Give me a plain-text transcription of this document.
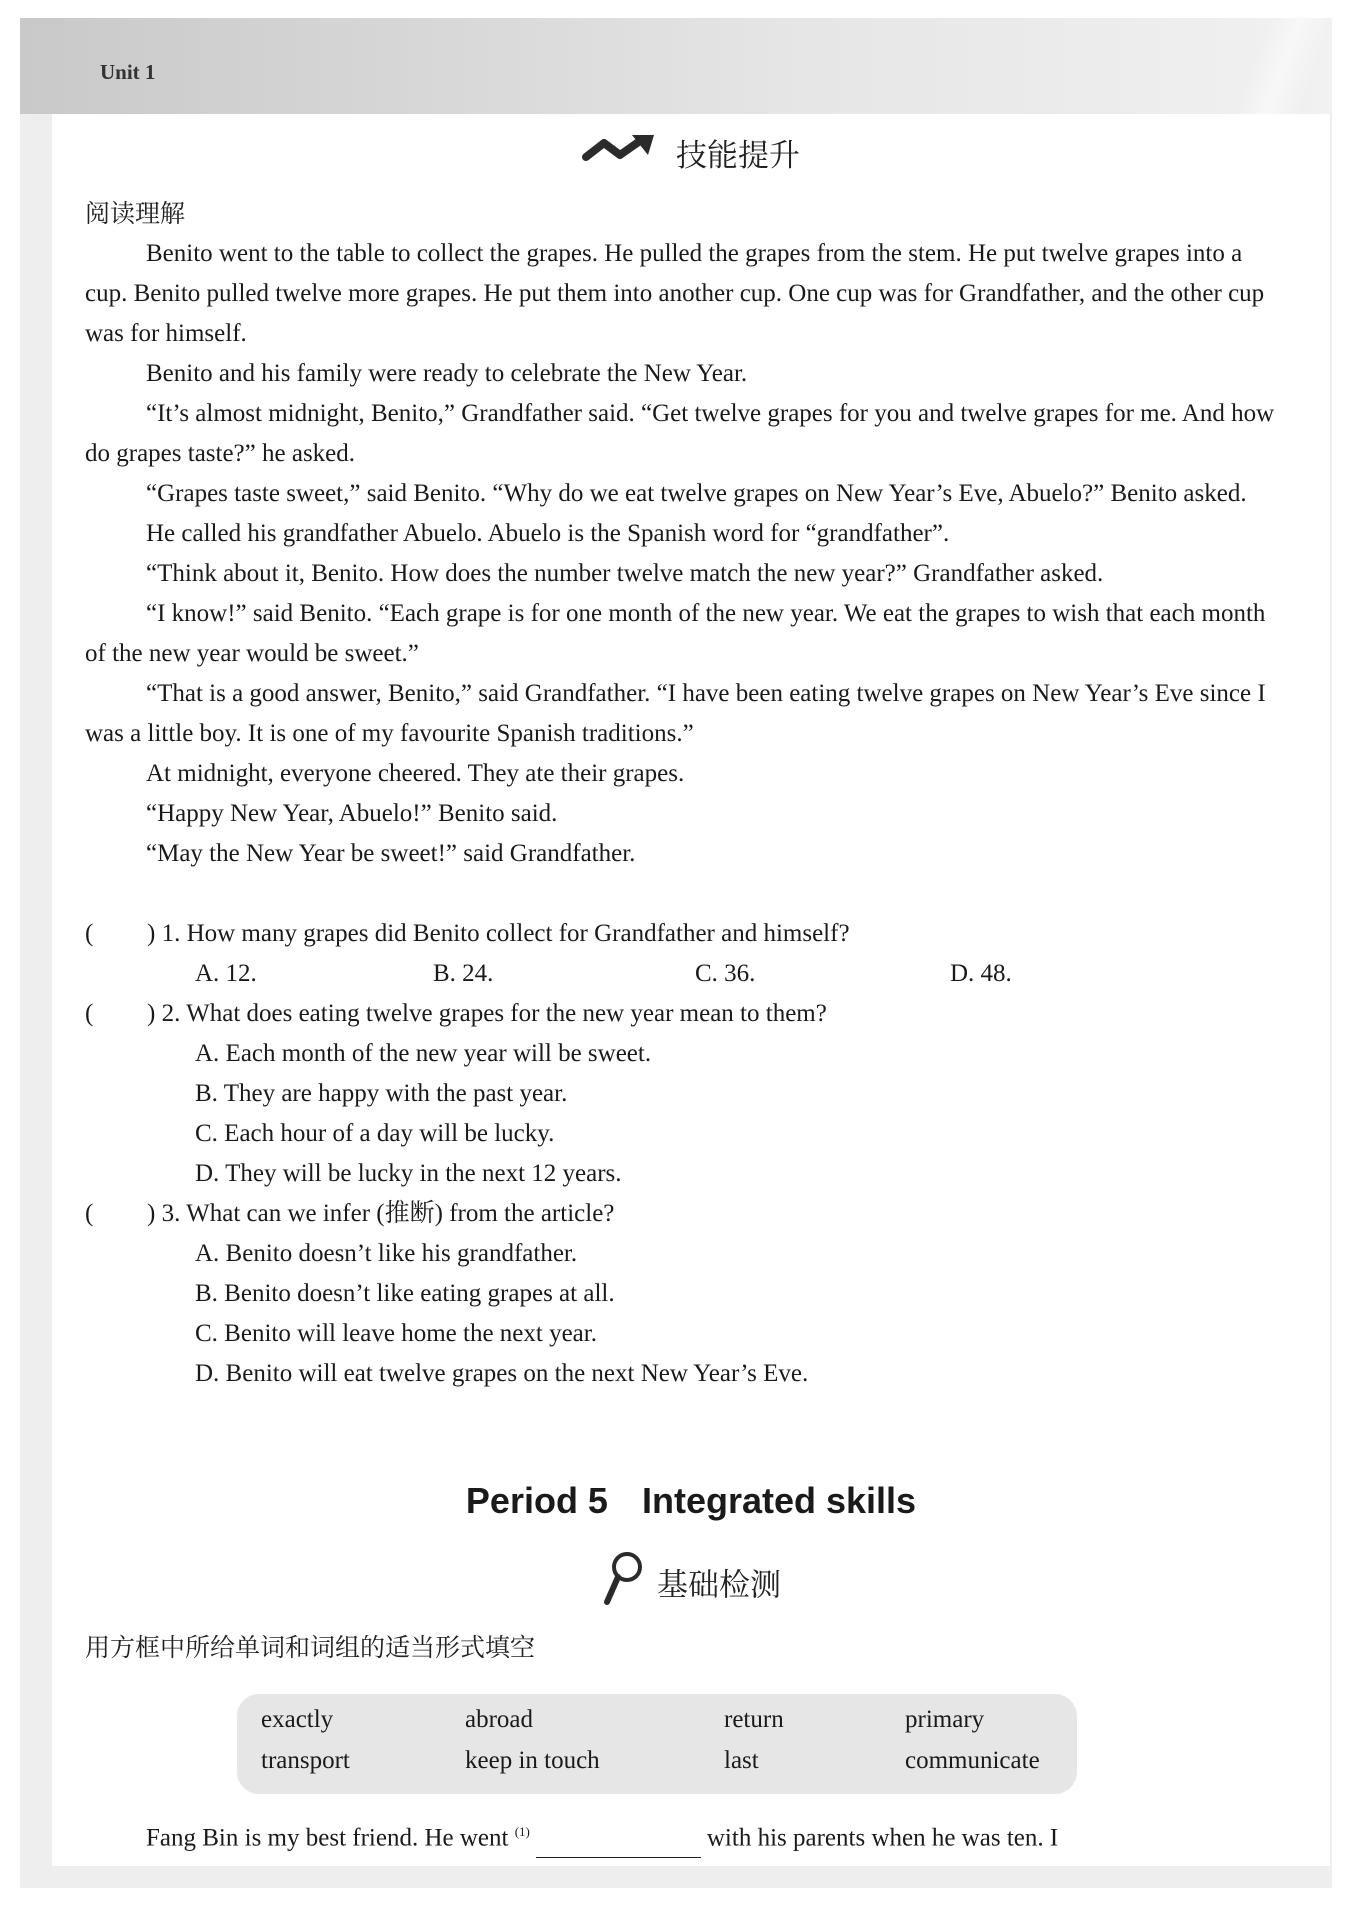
Unit 1
技能提升
阅读理解

Benito went to the table to collect the grapes. He pulled the grapes from the stem. He put twelve grapes into a cup. Benito pulled twelve more grapes. He put them into another cup. One cup was for Grandfather, and the other cup was for himself.

Benito and his family were ready to celebrate the New Year.

“It’s almost midnight, Benito,” Grandfather said. “Get twelve grapes for you and twelve grapes for me. And how do grapes taste?” he asked.

“Grapes taste sweet,” said Benito. “Why do we eat twelve grapes on New Year’s Eve, Abuelo?” Benito asked.

He called his grandfather Abuelo. Abuelo is the Spanish word for “grandfather”.

“Think about it, Benito. How does the number twelve match the new year?” Grandfather asked.

“I know!” said Benito. “Each grape is for one month of the new year. We eat the grapes to wish that each month of the new year would be sweet.”

“That is a good answer, Benito,” said Grandfather. “I have been eating twelve grapes on New Year’s Eve since I was a little boy. It is one of my favourite Spanish traditions.”

At midnight, everyone cheered. They ate their grapes.

“Happy New Year, Abuelo!” Benito said.

“May the New Year be sweet!” said Grandfather.

( ) 1. How many grapes did Benito collect for Grandfather and himself?
A. 12.	B. 24.	C. 36.	D. 48.
( ) 2. What does eating twelve grapes for the new year mean to them?
A. Each month of the new year will be sweet.
B. They are happy with the past year.
C. Each hour of a day will be lucky.
D. They will be lucky in the next 12 years.
( ) 3. What can we infer (推断) from the article?
A. Benito doesn’t like his grandfather.
B. Benito doesn’t like eating grapes at all.
C. Benito will leave home the next year.
D. Benito will eat twelve grapes on the next New Year’s Eve.
Period 5 Integrated skills
基础检测
用方框中所给单词和词组的适当形式填空
exactly	abroad	return	primary
transport	keep in touch	last	communicate
Fang Bin is my best friend. He went $^{(1)}$	with his parents when he was ten. I
